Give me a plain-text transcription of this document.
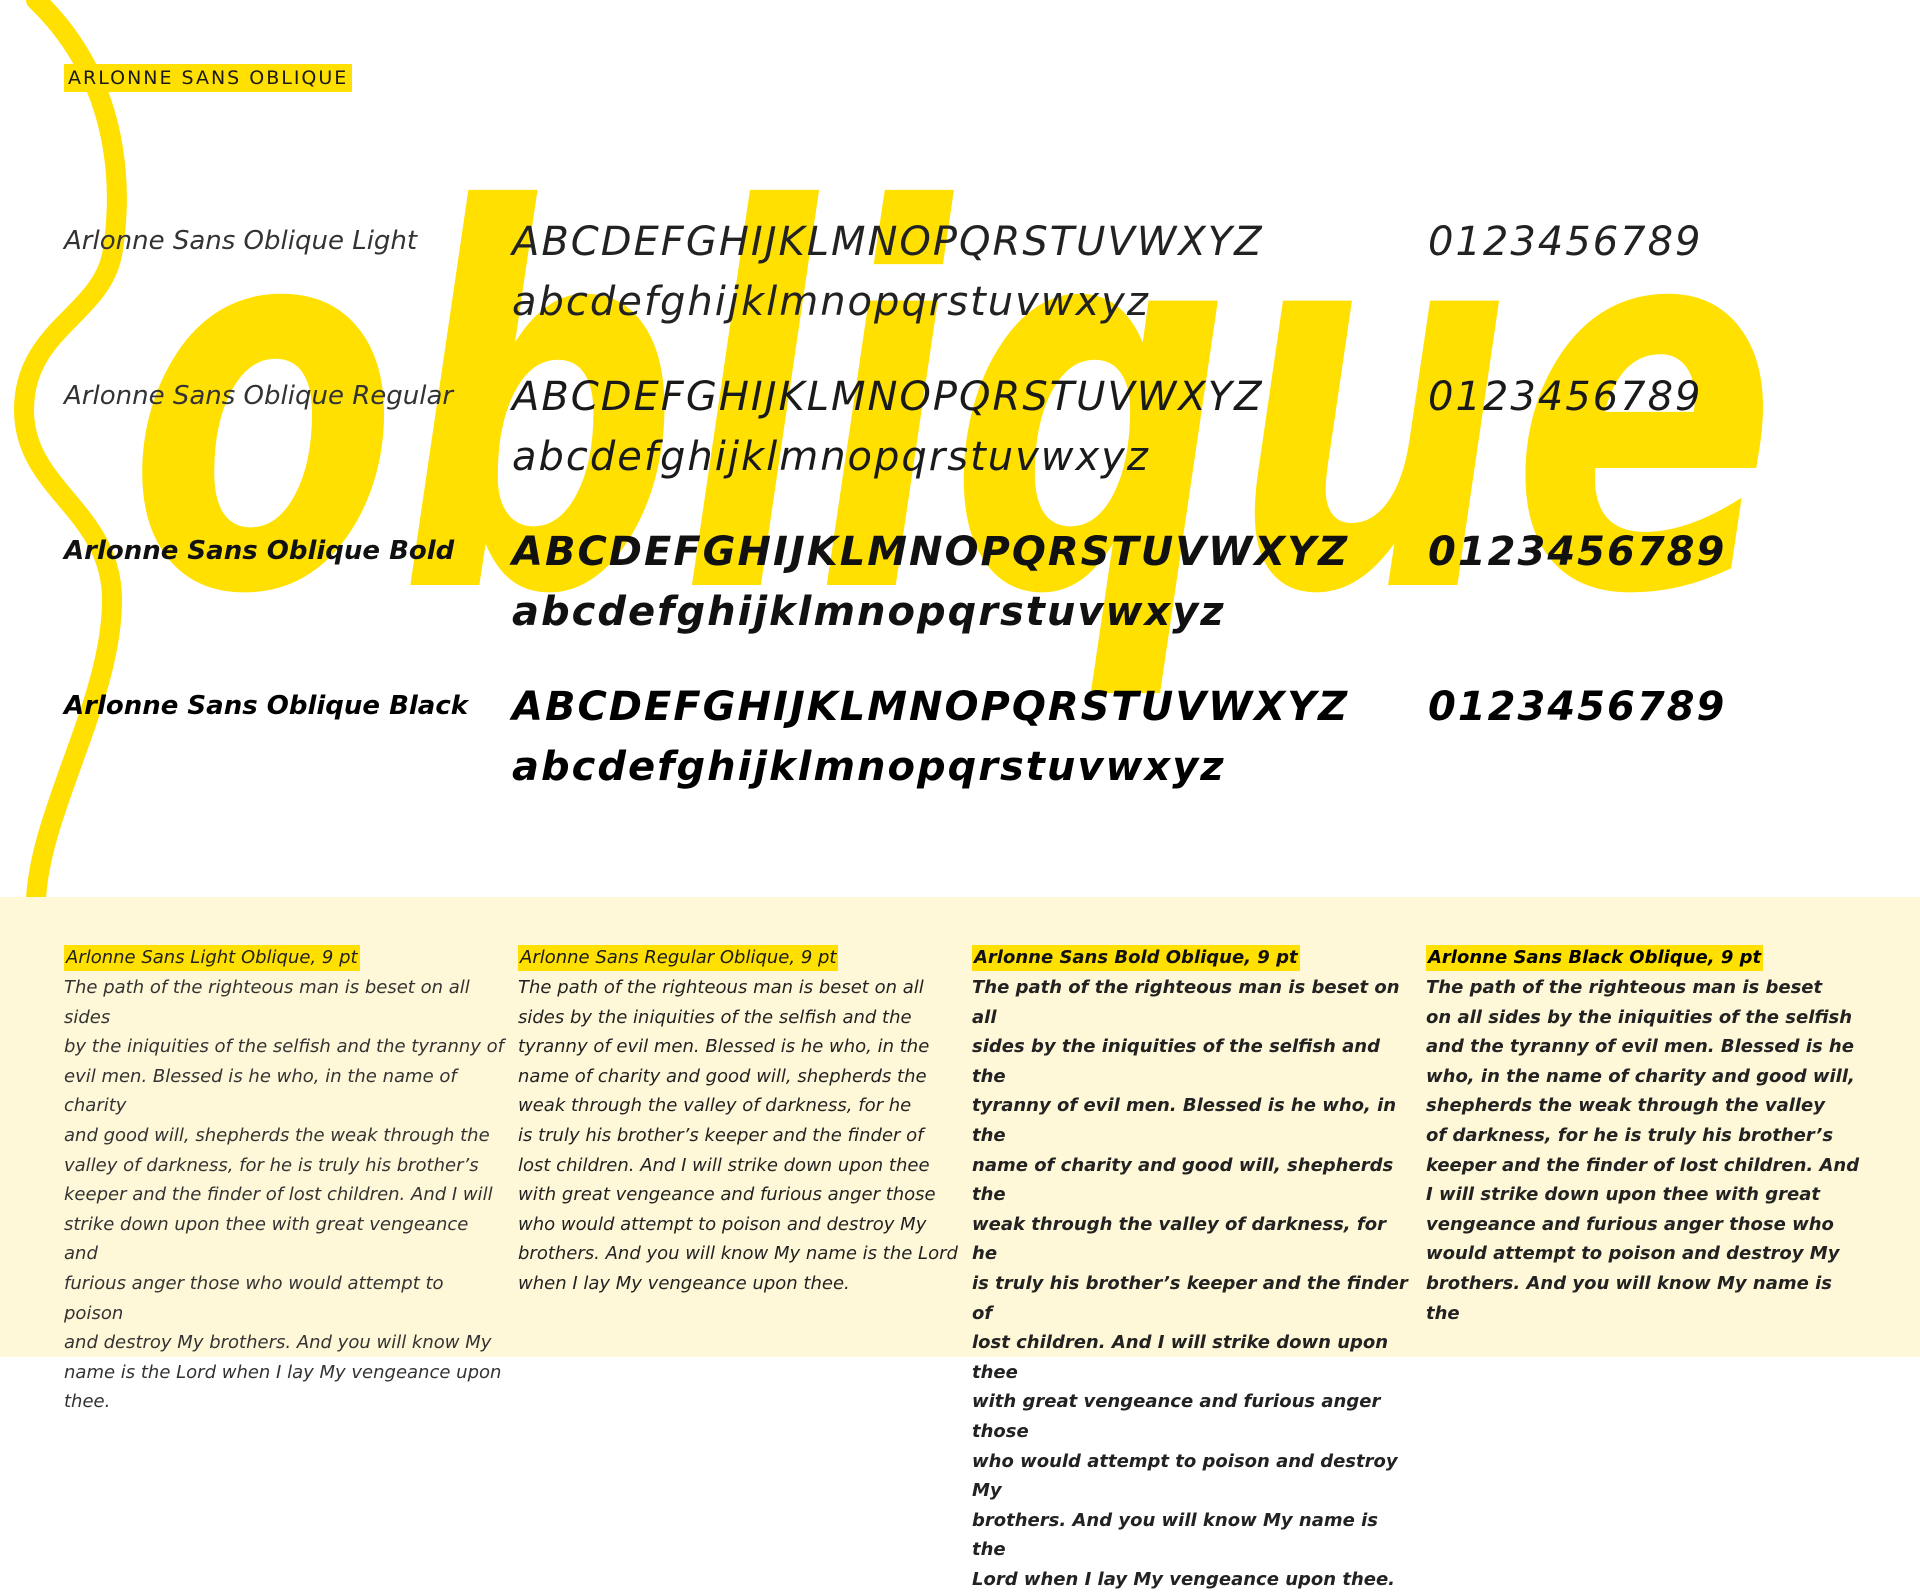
oblique
ARLONNE SANS OBLIQUE
Arlonne Sans Oblique Light ABCDEFGHIJKLMNOPQRSTUVWXYZ
abcdefghijklmnopqrstuvwxyz
0123456789
Arlonne Sans Oblique Regular ABCDEFGHIJKLMNOPQRSTUVWXYZ
abcdefghijklmnopqrstuvwxyz
0123456789
Arlonne Sans Oblique Bold ABCDEFGHIJKLMNOPQRSTUVWXYZ
abcdefghijklmnopqrstuvwxyz
0123456789
Arlonne Sans Oblique Black ABCDEFGHIJKLMNOPQRSTUVWXYZ
abcdefghijklmnopqrstuvwxyz
0123456789
Arlonne Sans Light Oblique, 9 pt
The path of the righteous man is beset on all sides
by the iniquities of the selfish and the tyranny of
evil men. Blessed is he who, in the name of charity
and good will, shepherds the weak through the
valley of darkness, for he is truly his brother’s
keeper and the finder of lost children. And I will
strike down upon thee with great vengeance and
furious anger those who would attempt to poison
and destroy My brothers. And you will know My
name is the Lord when I lay My vengeance upon
thee.
Arlonne Sans Regular Oblique, 9 pt
The path of the righteous man is beset on all
sides by the iniquities of the selfish and the
tyranny of evil men. Blessed is he who, in the
name of charity and good will, shepherds the
weak through the valley of darkness, for he
is truly his brother’s keeper and the finder of
lost children. And I will strike down upon thee
with great vengeance and furious anger those
who would attempt to poison and destroy My
brothers. And you will know My name is the Lord
when I lay My vengeance upon thee.
Arlonne Sans Bold Oblique, 9 pt
The path of the righteous man is beset on all
sides by the iniquities of the selfish and the
tyranny of evil men. Blessed is he who, in the
name of charity and good will, shepherds the
weak through the valley of darkness, for he
is truly his brother’s keeper and the finder of
lost children. And I will strike down upon thee
with great vengeance and furious anger those
who would attempt to poison and destroy My
brothers. And you will know My name is the
Lord when I lay My vengeance upon thee.
Arlonne Sans Black Oblique, 9 pt
The path of the righteous man is beset
on all sides by the iniquities of the selfish
and the tyranny of evil men. Blessed is he
who, in the name of charity and good will,
shepherds the weak through the valley
of darkness, for he is truly his brother’s
keeper and the finder of lost children. And
I will strike down upon thee with great
vengeance and furious anger those who
would attempt to poison and destroy My
brothers. And you will know My name is the
